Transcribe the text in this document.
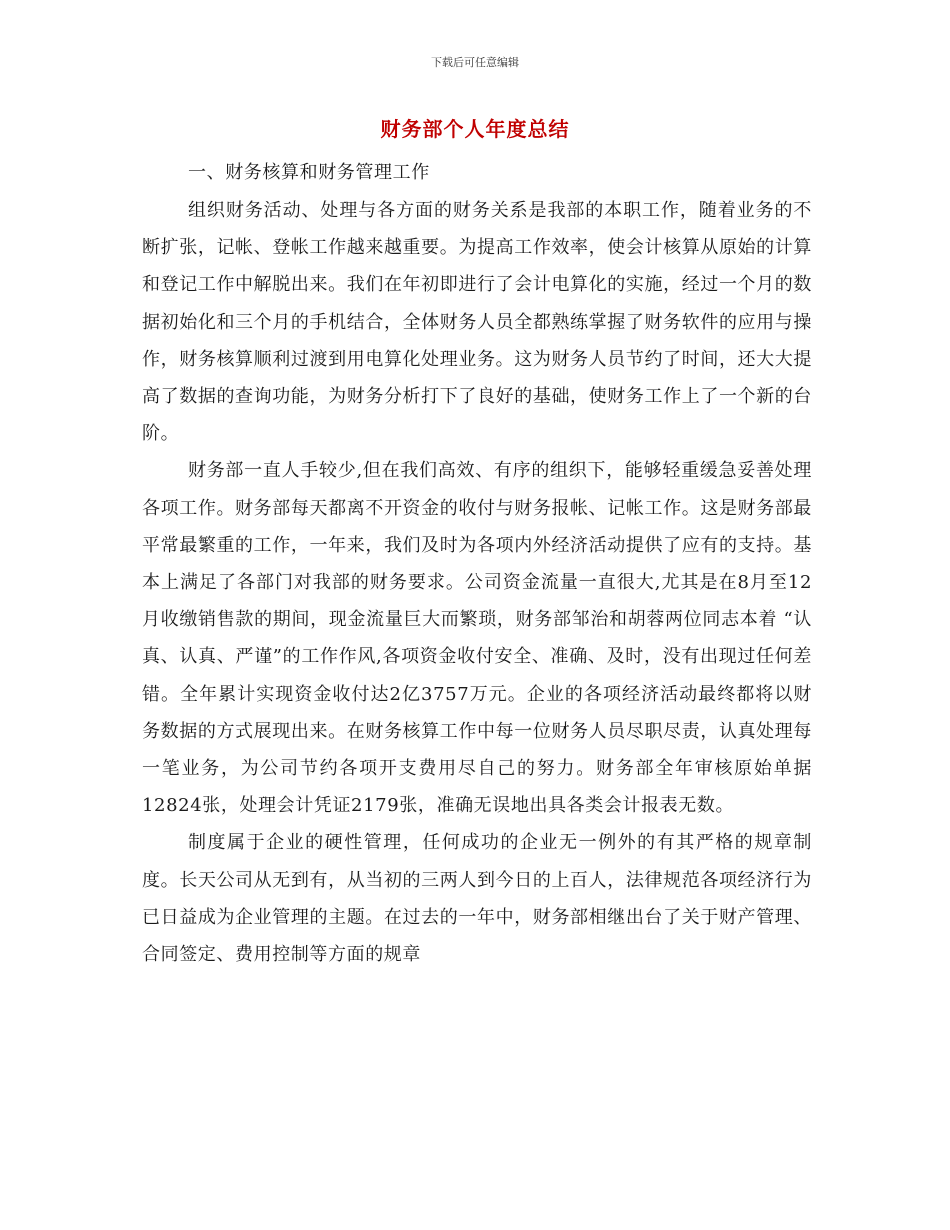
下载后可任意编辑
财务部个人年度总结

一、财务核算和财务管理工作

组织财务活动、处理与各方面的财务关系是我部的本职工作，随着业务的不断扩张，记帐、登帐工作越来越重要。为提高工作效率，使会计核算从原始的计算和登记工作中解脱出来。我们在年初即进行了会计电算化的实施，经过一个月的数据初始化和三个月的手机结合，全体财务人员全都熟练掌握了财务软件的应用与操作，财务核算顺利过渡到用电算化处理业务。这为财务人员节约了时间，还大大提高了数据的查询功能，为财务分析打下了良好的基础，使财务工作上了一个新的台阶。

财务部一直人手较少,但在我们高效、有序的组织下，能够轻重缓急妥善处理各项工作。财务部每天都离不开资金的收付与财务报帐、记帐工作。这是财务部最平常最繁重的工作，一年来，我们及时为各项内外经济活动提供了应有的支持。基本上满足了各部门对我部的财务要求。公司资金流量一直很大,尤其是在8月至12月收缴销售款的期间，现金流量巨大而繁琐，财务部邹治和胡蓉两位同志本着 “认真、认真、严谨”的工作作风,各项资金收付安全、准确、及时，没有出现过任何差错。全年累计实现资金收付达2亿3757万元。企业的各项经济活动最终都将以财务数据的方式展现出来。在财务核算工作中每一位财务人员尽职尽责，认真处理每一笔业务，为公司节约各项开支费用尽自己的努力。财务部全年审核原始单据12824张，处理会计凭证2179张，准确无误地出具各类会计报表无数。

制度属于企业的硬性管理，任何成功的企业无一例外的有其严格的规章制度。长天公司从无到有，从当初的三两人到今日的上百人，法律规范各项经济行为已日益成为企业管理的主题。在过去的一年中，财务部相继出台了关于财产管理、合同签定、费用控制等方面的规章
